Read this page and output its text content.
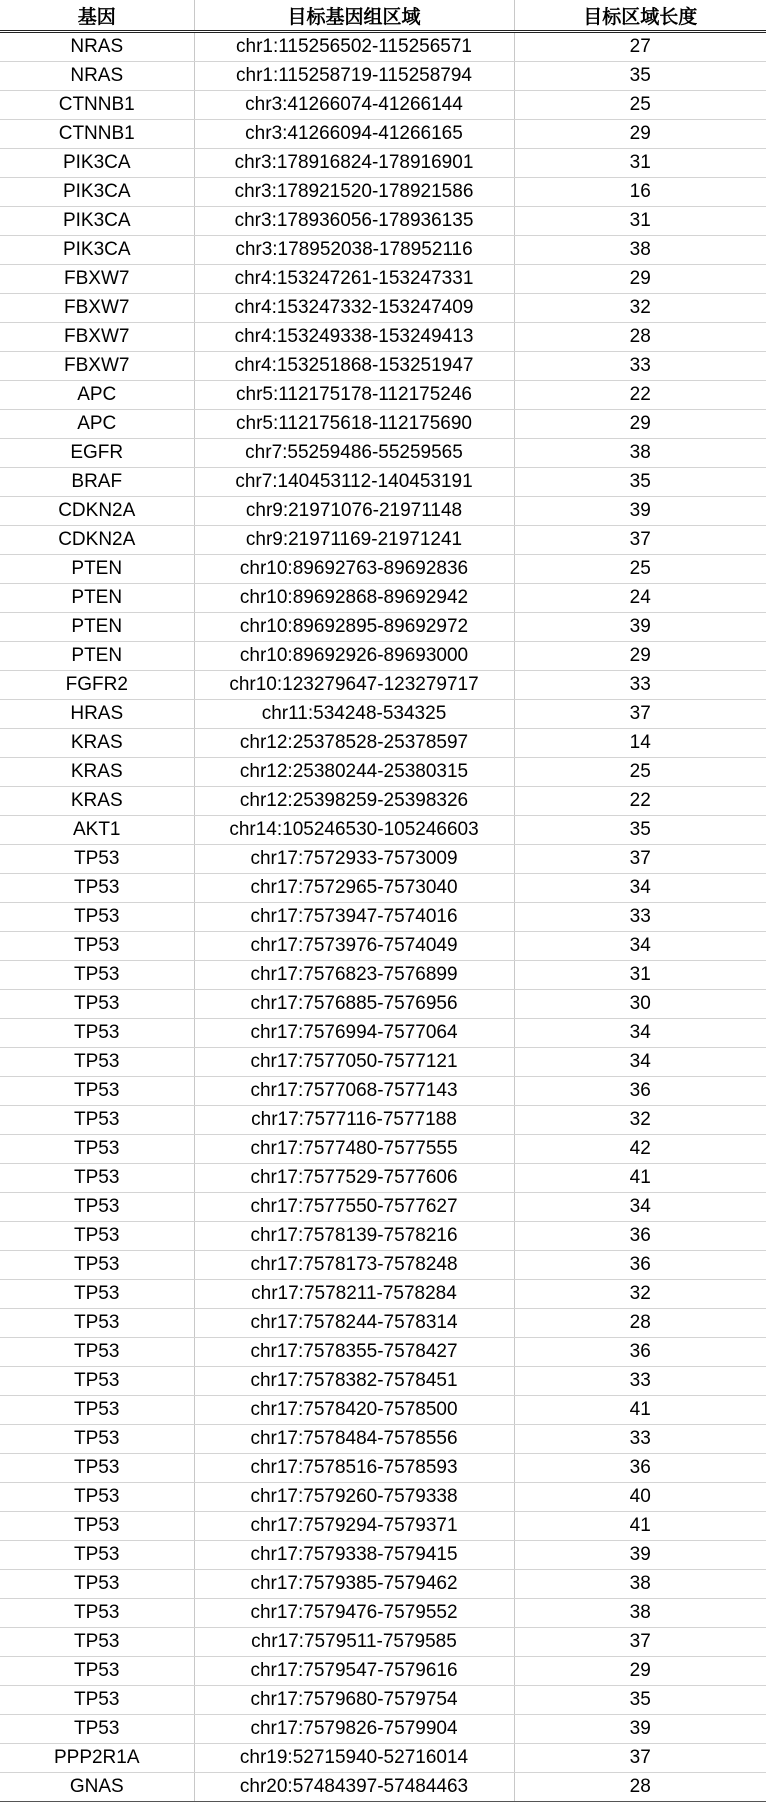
基因	目标基因组区域	目标区域长度
NRAS	chr1:115256502-115256571	27
NRAS	chr1:115258719-115258794	35
CTNNB1	chr3:41266074-41266144	25
CTNNB1	chr3:41266094-41266165	29
PIK3CA	chr3:178916824-178916901	31
PIK3CA	chr3:178921520-178921586	16
PIK3CA	chr3:178936056-178936135	31
PIK3CA	chr3:178952038-178952116	38
FBXW7	chr4:153247261-153247331	29
FBXW7	chr4:153247332-153247409	32
FBXW7	chr4:153249338-153249413	28
FBXW7	chr4:153251868-153251947	33
APC	chr5:112175178-112175246	22
APC	chr5:112175618-112175690	29
EGFR	chr7:55259486-55259565	38
BRAF	chr7:140453112-140453191	35
CDKN2A	chr9:21971076-21971148	39
CDKN2A	chr9:21971169-21971241	37
PTEN	chr10:89692763-89692836	25
PTEN	chr10:89692868-89692942	24
PTEN	chr10:89692895-89692972	39
PTEN	chr10:89692926-89693000	29
FGFR2	chr10:123279647-123279717	33
HRAS	chr11:534248-534325	37
KRAS	chr12:25378528-25378597	14
KRAS	chr12:25380244-25380315	25
KRAS	chr12:25398259-25398326	22
AKT1	chr14:105246530-105246603	35
TP53	chr17:7572933-7573009	37
TP53	chr17:7572965-7573040	34
TP53	chr17:7573947-7574016	33
TP53	chr17:7573976-7574049	34
TP53	chr17:7576823-7576899	31
TP53	chr17:7576885-7576956	30
TP53	chr17:7576994-7577064	34
TP53	chr17:7577050-7577121	34
TP53	chr17:7577068-7577143	36
TP53	chr17:7577116-7577188	32
TP53	chr17:7577480-7577555	42
TP53	chr17:7577529-7577606	41
TP53	chr17:7577550-7577627	34
TP53	chr17:7578139-7578216	36
TP53	chr17:7578173-7578248	36
TP53	chr17:7578211-7578284	32
TP53	chr17:7578244-7578314	28
TP53	chr17:7578355-7578427	36
TP53	chr17:7578382-7578451	33
TP53	chr17:7578420-7578500	41
TP53	chr17:7578484-7578556	33
TP53	chr17:7578516-7578593	36
TP53	chr17:7579260-7579338	40
TP53	chr17:7579294-7579371	41
TP53	chr17:7579338-7579415	39
TP53	chr17:7579385-7579462	38
TP53	chr17:7579476-7579552	38
TP53	chr17:7579511-7579585	37
TP53	chr17:7579547-7579616	29
TP53	chr17:7579680-7579754	35
TP53	chr17:7579826-7579904	39
PPP2R1A	chr19:52715940-52716014	37
GNAS	chr20:57484397-57484463	28
